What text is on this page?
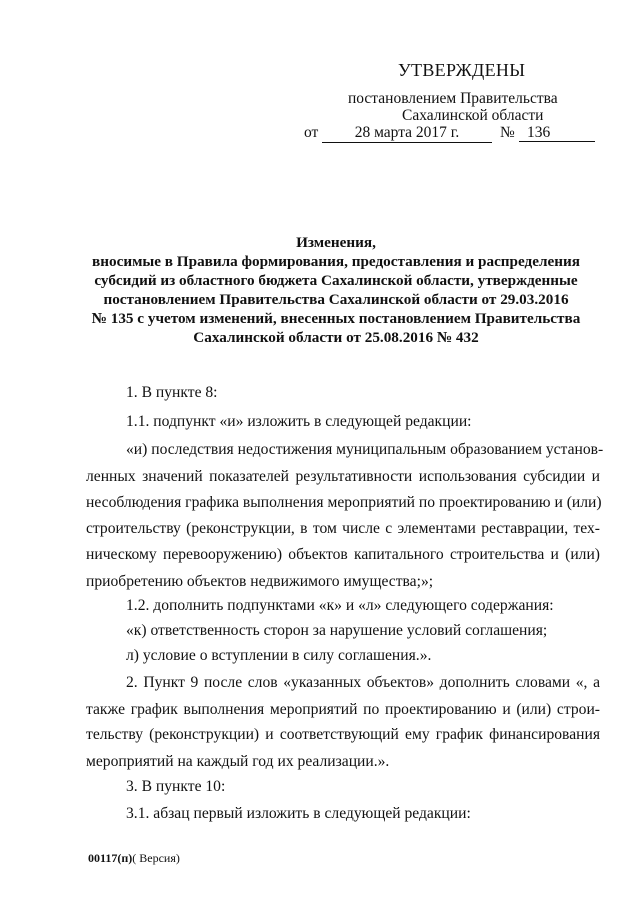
УТВЕРЖДЕНЫ
постановлением Правительства
Сахалинской области
от	28 марта 2017 г.	№ 136
Изменения,
вносимые в Правила формирования, предоставления и распределения
субсидий из областного бюджета Сахалинской области, утвержденные
постановлением Правительства Сахалинской области от 29.03.2016
№ 135 с учетом изменений, внесенных постановлением Правительства
Сахалинской области от 25.08.2016 № 432
1. В пункте 8:
1.1. подпункт «и» изложить в следующей редакции:
«и) последствия недостижения муниципальным образованием установ-
ленных значений показателей результативности использования субсидии и
несоблюдения графика выполнения мероприятий по проектированию и (или)
строительству (реконструкции, в том числе с элементами реставрации, тех-
ническому перевооружению) объектов капитального строительства и (или)
приобретению объектов недвижимого имущества;»;
1.2. дополнить подпунктами «к» и «л» следующего содержания:
«к) ответственность сторон за нарушение условий соглашения;
л) условие о вступлении в силу соглашения.».
2. Пункт 9 после слов «указанных объектов» дополнить словами «, а
также график выполнения мероприятий по проектированию и (или) строи-
тельству (реконструкции) и соответствующий ему график финансирования
мероприятий на каждый год их реализации.».
3. В пункте 10:
3.1. абзац первый изложить в следующей редакции:
00117(п)( Версия)
